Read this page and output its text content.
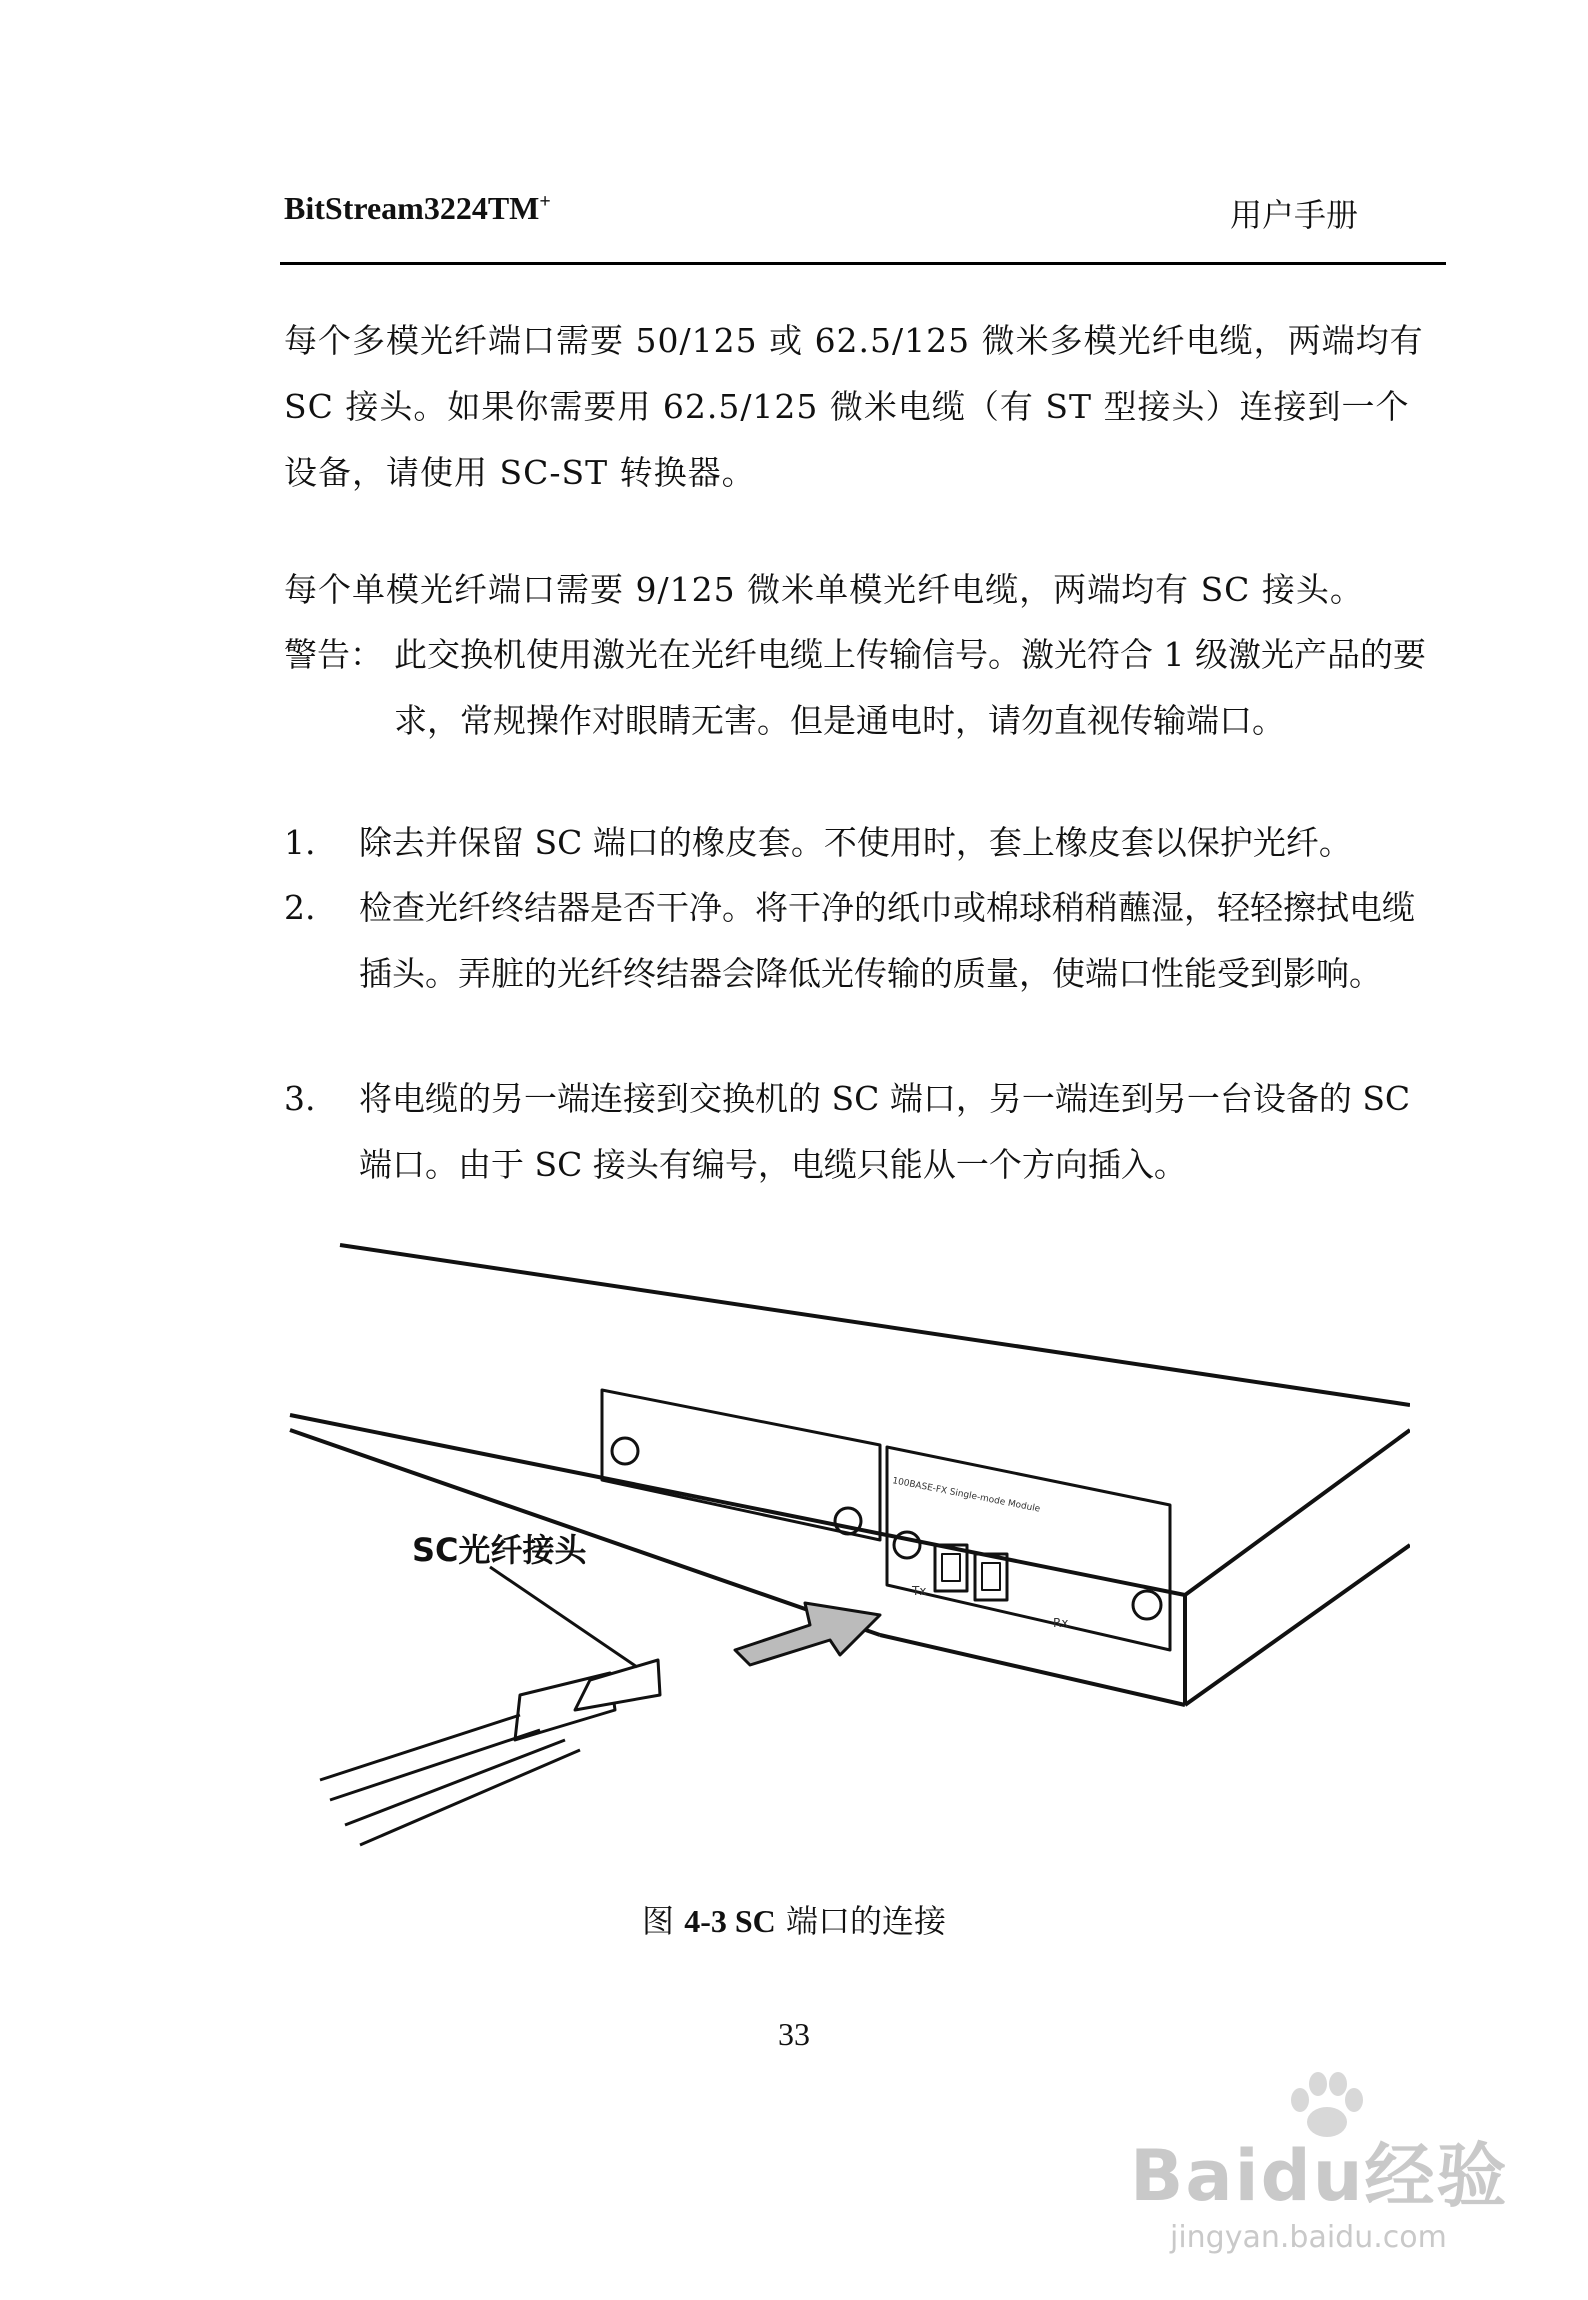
BitStream3224TM+	用户手册

每个多模光纤端口需要 50/125 或 62.5/125 微米多模光纤电缆，两端均有 SC 接头。如果你需要用 62.5/125 微米电缆（有 ST 型接头）连接到一个设备，请使用 SC-ST 转换器。

每个单模光纤端口需要 9/125 微米单模光纤电缆，两端均有 SC 接头。

警告： 此交换机使用激光在光纤电缆上传输信号。激光符合 1 级激光产品的要求，常规操作对眼睛无害。但是通电时，请勿直视传输端口。
1.	除去并保留 SC 端口的橡皮套。不使用时，套上橡皮套以保护光纤。
2.	检查光纤终结器是否干净。将干净的纸巾或棉球稍稍蘸湿，轻轻擦拭电缆插头。弄脏的光纤终结器会降低光传输的质量，使端口性能受到影响。
3.	将电缆的另一端连接到交换机的 SC 端口，另一端连到另一台设备的 SC 端口。由于 SC 接头有编号，电缆只能从一个方向插入。
SC光纤接头
100BASE-FX Single-mode Module
Tx
Rx
图 4-3 SC 端口的连接
33
Baidu经验
jingyan.baidu.com
